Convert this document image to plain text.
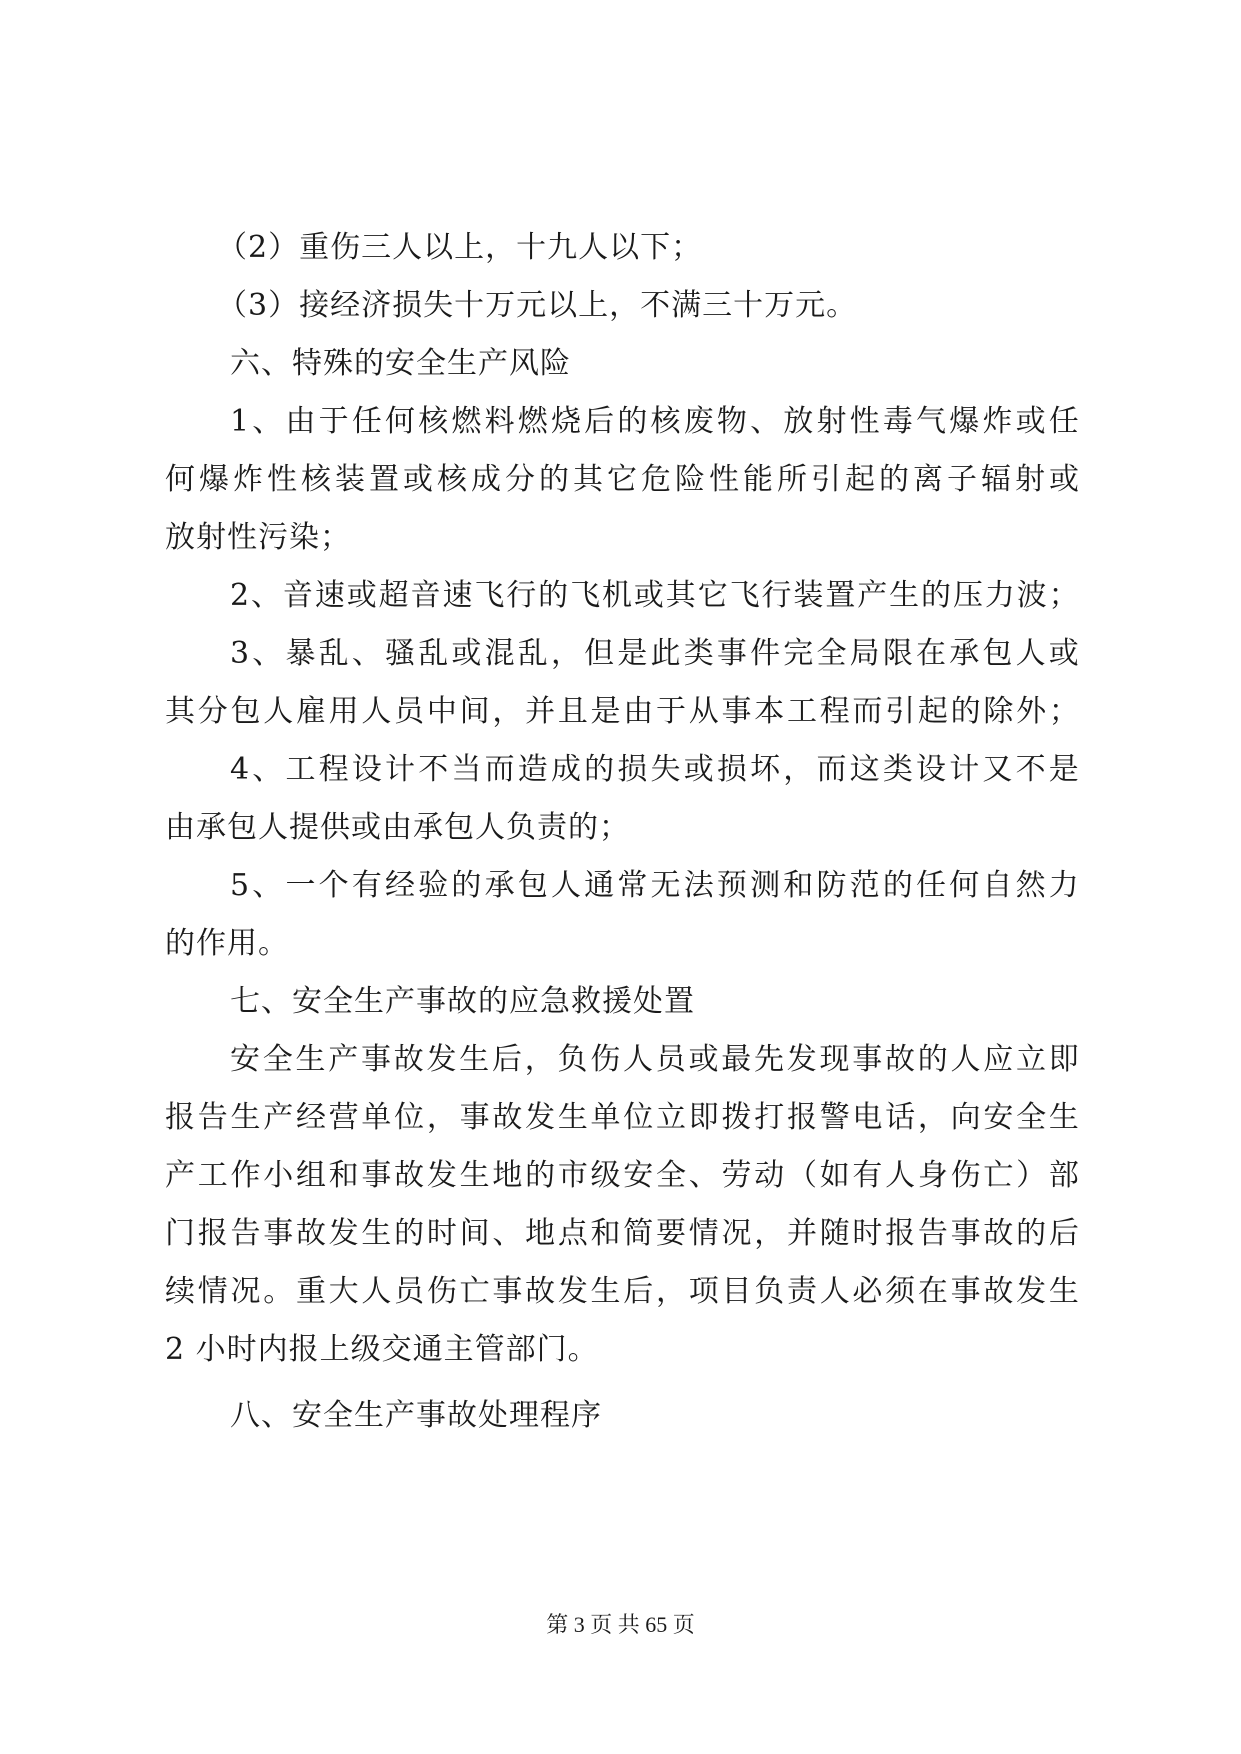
（2）重伤三人以上，十九人以下；
（3）接经济损失十万元以上，不满三十万元。
六、特殊的安全生产风险
1 、 由 于 任 何 核 燃 料 燃 烧 后 的 核 废 物 、 放 射 性 毒 气 爆 炸 或 任
何 爆 炸 性 核 装 置 或 核 成 分 的 其 它 危 险 性 能 所 引 起 的 离 子 辐 射 或
放射性污染；
2 、 音 速 或 超 音 速 飞 行 的 飞 机 或 其 它 飞 行 装 置 产 生 的 压 力 波 ；
3 、 暴 乱 、 骚 乱 或 混 乱 ， 但 是 此 类 事 件 完 全 局 限 在 承 包 人 或
其 分 包 人 雇 用 人 员 中 间 ， 并 且 是 由 于 从 事 本 工 程 而 引 起 的 除 外 ；
4 、 工 程 设 计 不 当 而 造 成 的 损 失 或 损 坏 ， 而 这 类 设 计 又 不 是
由承包人提供或由承包人负责的；
5 、 一 个 有 经 验 的 承 包 人 通 常 无 法 预 测 和 防 范 的 任 何 自 然 力
的作用。
七、安全生产事故的应急救援处置
安 全 生 产 事 故 发 生 后 ， 负 伤 人 员 或 最 先 发 现 事 故 的 人 应 立 即
报 告 生 产 经 营 单 位 ， 事 故 发 生 单 位 立 即 拨 打 报 警 电 话 ， 向 安 全 生
产 工 作 小 组 和 事 故 发 生 地 的 市 级 安 全 、 劳 动 （ 如 有 人 身 伤 亡 ） 部
门 报 告 事 故 发 生 的 时 间 、 地 点 和 简 要 情 况 ， 并 随 时 报 告 事 故 的 后
续 情 况 。 重 大 人 员 伤 亡 事 故 发 生 后 ， 项 目 负 责 人 必 须 在 事 故 发 生
2 小时内报上级交通主管部门。
八、安全生产事故处理程序
第 3 页 共 65 页
